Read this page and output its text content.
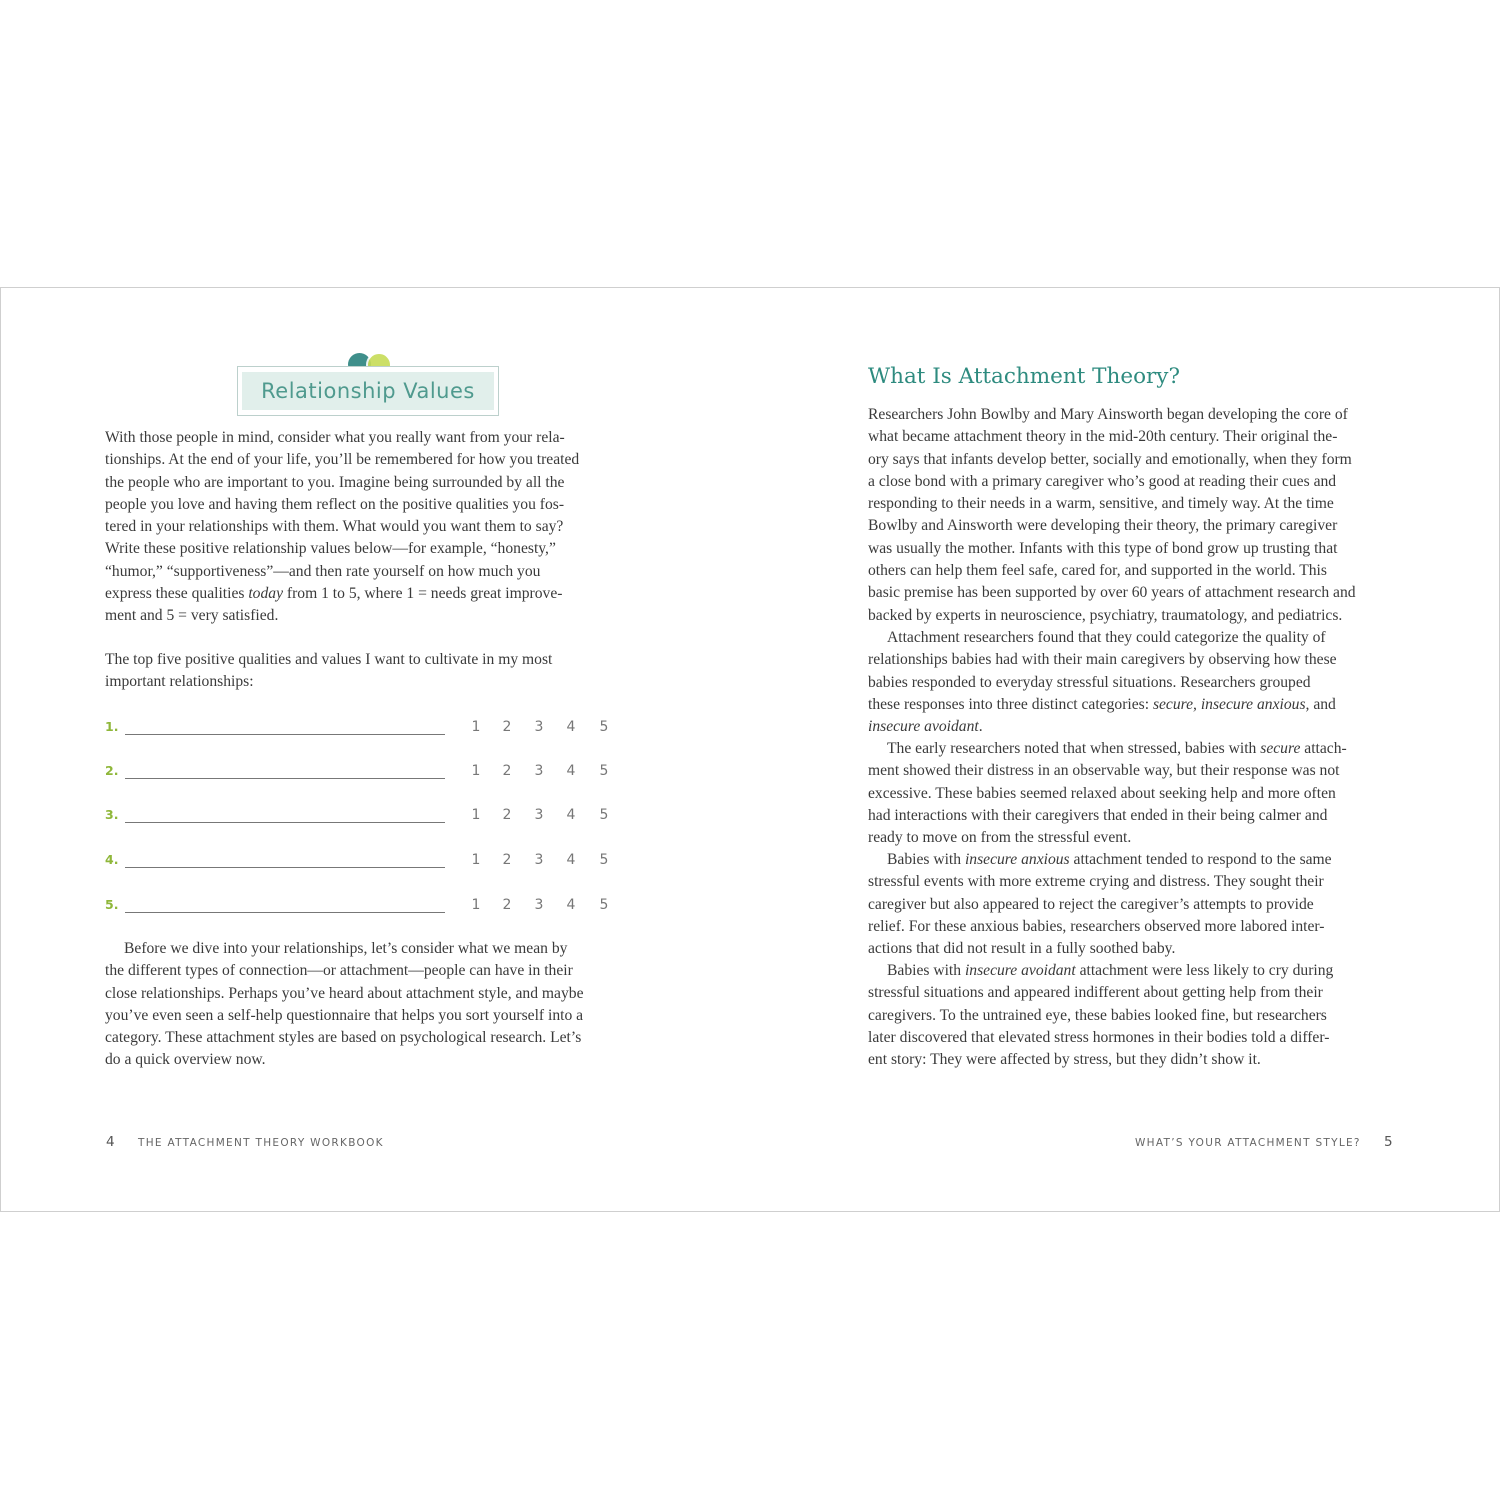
Relationship Values

With those people in mind, consider what you really want from your rela-
tionships. At the end of your life, you’ll be remembered for how you treated
the people who are important to you. Imagine being surrounded by all the
people you love and having them reflect on the positive qualities you fos-
tered in your relationships with them. What would you want them to say?
Write these positive relationship values below—for example, “honesty,”
“humor,” “supportiveness”—and then rate yourself on how much you
express these qualities today from 1 to 5, where 1 = needs great improve-
ment and 5 = very satisfied.

The top five positive qualities and values I want to cultivate in my most
important relationships:

1.	1 2 3 4 5
2.	1 2 3 4 5
3.	1 2 3 4 5
4.	1 2 3 4 5
5.	1 2 3 4 5

Before we dive into your relationships, let’s consider what we mean by
the different types of connection—or attachment—people can have in their
close relationships. Perhaps you’ve heard about attachment style, and maybe
you’ve even seen a self-help questionnaire that helps you sort yourself into a
category. These attachment styles are based on psychological research. Let’s
do a quick overview now.

4 THE ATTACHMENT THEORY WORKBOOK
What Is Attachment Theory?

Researchers John Bowlby and Mary Ainsworth began developing the core of
what became attachment theory in the mid-20th century. Their original the-
ory says that infants develop better, socially and emotionally, when they form
a close bond with a primary caregiver who’s good at reading their cues and
responding to their needs in a warm, sensitive, and timely way. At the time
Bowlby and Ainsworth were developing their theory, the primary caregiver
was usually the mother. Infants with this type of bond grow up trusting that
others can help them feel safe, cared for, and supported in the world. This
basic premise has been supported by over 60 years of attachment research and
backed by experts in neuroscience, psychiatry, traumatology, and pediatrics.

Attachment researchers found that they could categorize the quality of
relationships babies had with their main caregivers by observing how these
babies responded to everyday stressful situations. Researchers grouped
these responses into three distinct categories: secure, insecure anxious, and
insecure avoidant.

The early researchers noted that when stressed, babies with secure attach-
ment showed their distress in an observable way, but their response was not
excessive. These babies seemed relaxed about seeking help and more often
had interactions with their caregivers that ended in their being calmer and
ready to move on from the stressful event.

Babies with insecure anxious attachment tended to respond to the same
stressful events with more extreme crying and distress. They sought their
caregiver but also appeared to reject the caregiver’s attempts to provide
relief. For these anxious babies, researchers observed more labored inter-
actions that did not result in a fully soothed baby.

Babies with insecure avoidant attachment were less likely to cry during
stressful situations and appeared indifferent about getting help from their
caregivers. To the untrained eye, these babies looked fine, but researchers
later discovered that elevated stress hormones in their bodies told a differ-
ent story: They were affected by stress, but they didn’t show it.

WHAT’S YOUR ATTACHMENT STYLE? 5
